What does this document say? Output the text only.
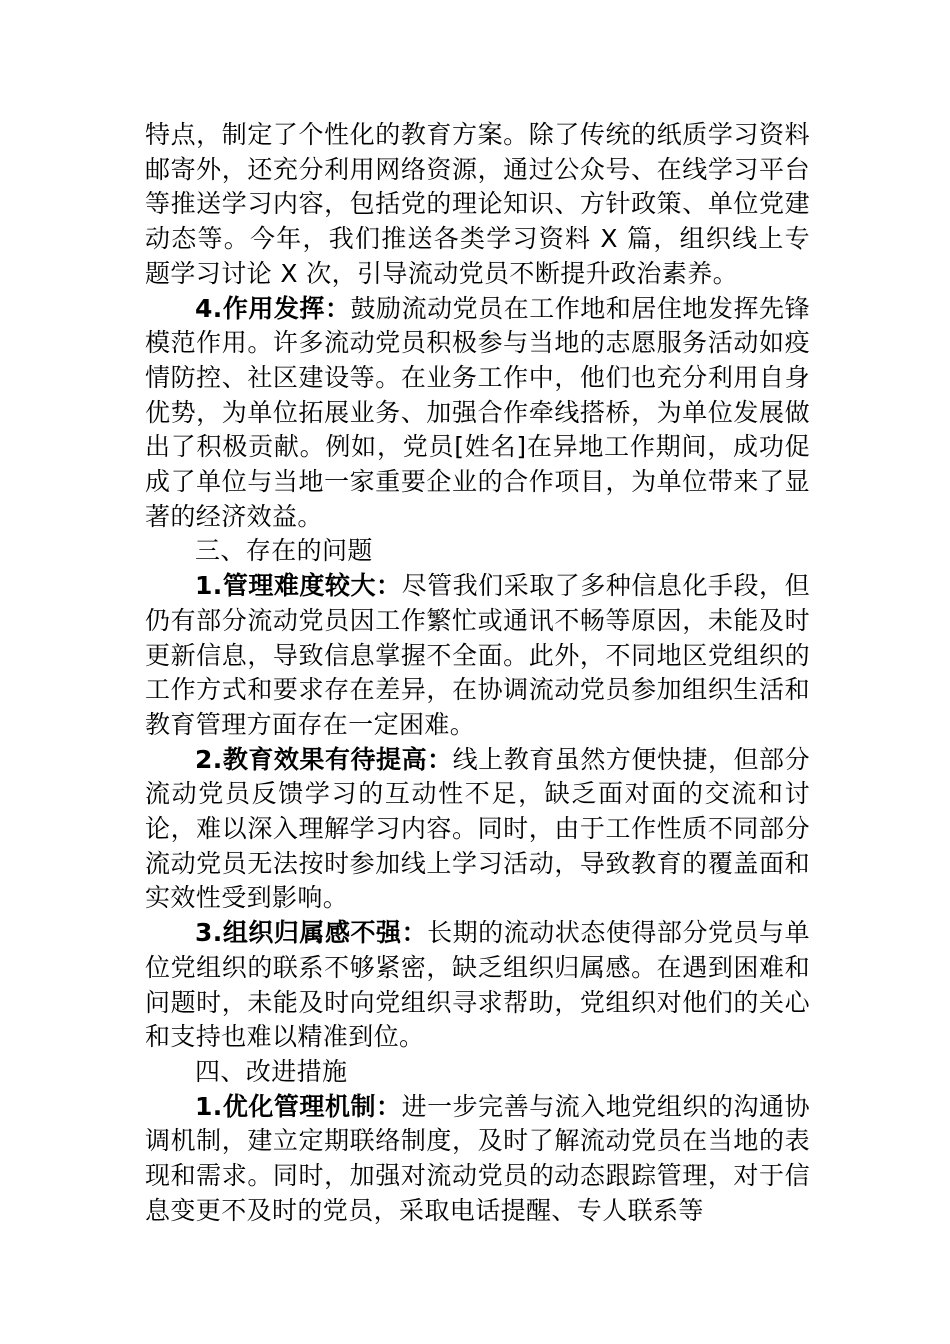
特点，制定了个性化的教育方案。除了传统的纸质学习资料邮寄外，还充分利用网络资源，通过公众号、在线学习平台等推送学习内容，包括党的理论知识、方针政策、单位党建动态等。今年，我们推送各类学习资料 X 篇，组织线上专题学习讨论 X 次，引导流动党员不断提升政治素养。

4.作用发挥：鼓励流动党员在工作地和居住地发挥先锋模范作用。许多流动党员积极参与当地的志愿服务活动如疫情防控、社区建设等。在业务工作中，他们也充分利用自身优势，为单位拓展业务、加强合作牵线搭桥，为单位发展做出了积极贡献。例如，党员[姓名]在异地工作期间，成功促成了单位与当地一家重要企业的合作项目，为单位带来了显著的经济效益。

三、存在的问题

1.管理难度较大：尽管我们采取了多种信息化手段，但仍有部分流动党员因工作繁忙或通讯不畅等原因，未能及时更新信息，导致信息掌握不全面。此外，不同地区党组织的工作方式和要求存在差异，在协调流动党员参加组织生活和教育管理方面存在一定困难。

2.教育效果有待提高：线上教育虽然方便快捷，但部分流动党员反馈学习的互动性不足，缺乏面对面的交流和讨论，难以深入理解学习内容。同时，由于工作性质不同部分流动党员无法按时参加线上学习活动，导致教育的覆盖面和实效性受到影响。

3.组织归属感不强：长期的流动状态使得部分党员与单位党组织的联系不够紧密，缺乏组织归属感。在遇到困难和问题时，未能及时向党组织寻求帮助，党组织对他们的关心和支持也难以精准到位。

四、改进措施

1.优化管理机制：进一步完善与流入地党组织的沟通协调机制，建立定期联络制度，及时了解流动党员在当地的表现和需求。同时，加强对流动党员的动态跟踪管理，对于信息变更不及时的党员，采取电话提醒、专人联系等
